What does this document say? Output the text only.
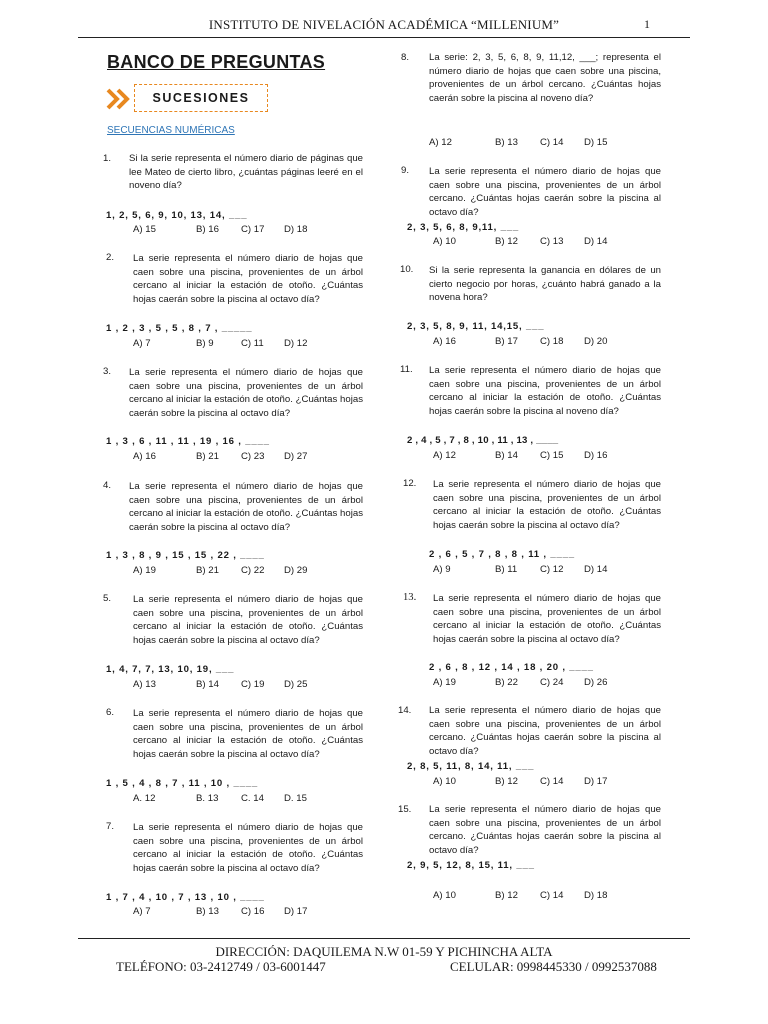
INSTITUTO DE NIVELACIÓN ACADÉMICA “MILLENIUM”	1
BANCO DE PREGUNTAS
SUCESIONES
SECUENCIAS NUMÉRICAS
1. Si la serie representa el número diario de páginas que lee Mateo de cierto libro, ¿cuántas páginas leeré en el noveno día?
1, 2, 5, 6, 9, 10, 13, 14, ___
A) 15	B) 16 C) 17 D) 18
2. La serie representa el número diario de hojas que caen sobre una piscina, provenientes de un árbol cercano al iniciar la estación de otoño. ¿Cuántas hojas caerán sobre la piscina al octavo día?
1 , 2 , 3 , 5 , 5 , 8 , 7 , _____
A) 7	B) 9	C) 11 D) 12
3. La serie representa el número diario de hojas que caen sobre una piscina, provenientes de un árbol cercano al iniciar la estación de otoño. ¿Cuántas hojas caerán sobre la piscina al octavo día?
1 , 3 , 6 , 11 , 11 , 19 , 16 , ____
A) 16	B) 21 C) 23 D) 27
4. La serie representa el número diario de hojas que caen sobre una piscina, provenientes de un árbol cercano al iniciar la estación de otoño. ¿Cuántas hojas caerán sobre la piscina al octavo día?
1 , 3 , 8 , 9 , 15 , 15 , 22 , ____
A) 19	B) 21 C) 22 D) 29
5. La serie representa el número diario de hojas que caen sobre una piscina, provenientes de un árbol cercano al iniciar la estación de otoño. ¿Cuántas hojas caerán sobre la piscina al octavo día?
1, 4, 7, 7, 13, 10, 19, ___
A) 13	B) 14 C) 19 D) 25
6. La serie representa el número diario de hojas que caen sobre una piscina, provenientes de un árbol cercano al iniciar la estación de otoño. ¿Cuántas hojas caerán sobre la piscina al octavo día?
1 , 5 , 4 , 8 , 7 , 11 , 10 , ____
A. 12	B. 13 C. 14 D. 15
7. La serie representa el número diario de hojas que caen sobre una piscina, provenientes de un árbol cercano al iniciar la estación de otoño. ¿Cuántas hojas caerán sobre la piscina al octavo día?
1 , 7 , 4 , 10 , 7 , 13 , 10 , ____
A) 7	B) 13 C) 16 D) 17
8. La serie: 2, 3, 5, 6, 8, 9, 11,12, ___; representa el número diario de hojas que caen sobre una piscina, provenientes de un árbol cercano. ¿Cuántas hojas caerán sobre la piscina al noveno día?
A) 12	B) 13 C) 14 D) 15
9. La serie representa el número diario de hojas que caen sobre una piscina, provenientes de un árbol cercano. ¿Cuántas hojas caerán sobre la piscina al octavo día?
2, 3, 5, 6, 8, 9,11, ___
A) 10	B) 12 C) 13 D) 14
10. Si la serie representa la ganancia en dólares de un cierto negocio por horas, ¿cuánto habrá ganado a la novena hora?
2, 3, 5, 8, 9, 11, 14,15, ___
A) 16	B) 17 C) 18 D) 20
11. La serie representa el número diario de hojas que caen sobre una piscina, provenientes de un árbol cercano al iniciar la estación de otoño. ¿Cuántas hojas caerán sobre la piscina al noveno día?
2 , 4 , 5 , 7 , 8 , 10 , 11 , 13 , ____
A) 12	B) 14 C) 15 D) 16
12. La serie representa el número diario de hojas que caen sobre una piscina, provenientes de un árbol cercano al iniciar la estación de otoño. ¿Cuántas hojas caerán sobre la piscina al octavo día?
2 , 6 , 5 , 7 , 8 , 8 , 11 , ____
A) 9	B) 11 C) 12 D) 14
13. La serie representa el número diario de hojas que caen sobre una piscina, provenientes de un árbol cercano al iniciar la estación de otoño. ¿Cuántas hojas caerán sobre la piscina al octavo día?
2 , 6 , 8 , 12 , 14 , 18 , 20 , ____
A) 19	B) 22 C) 24 D) 26
14. La serie representa el número diario de hojas que caen sobre una piscina, provenientes de un árbol cercano. ¿Cuántas hojas caerán sobre la piscina al octavo día?
2, 8, 5, 11, 8, 14, 11, ___
A) 10	B) 12 C) 14 D) 17
15. La serie representa el número diario de hojas que caen sobre una piscina, provenientes de un árbol cercano. ¿Cuántas hojas caerán sobre la piscina al octavo día?
2, 9, 5, 12, 8, 15, 11, ___
A) 10	B) 12 C) 14 D) 18
DIRECCIÓN: DAQUILEMA N.W 01-59 Y PICHINCHA ALTA
TELÉFONO: 03-2412749 / 03-6001447	CELULAR: 0998445330 / 0992537088
